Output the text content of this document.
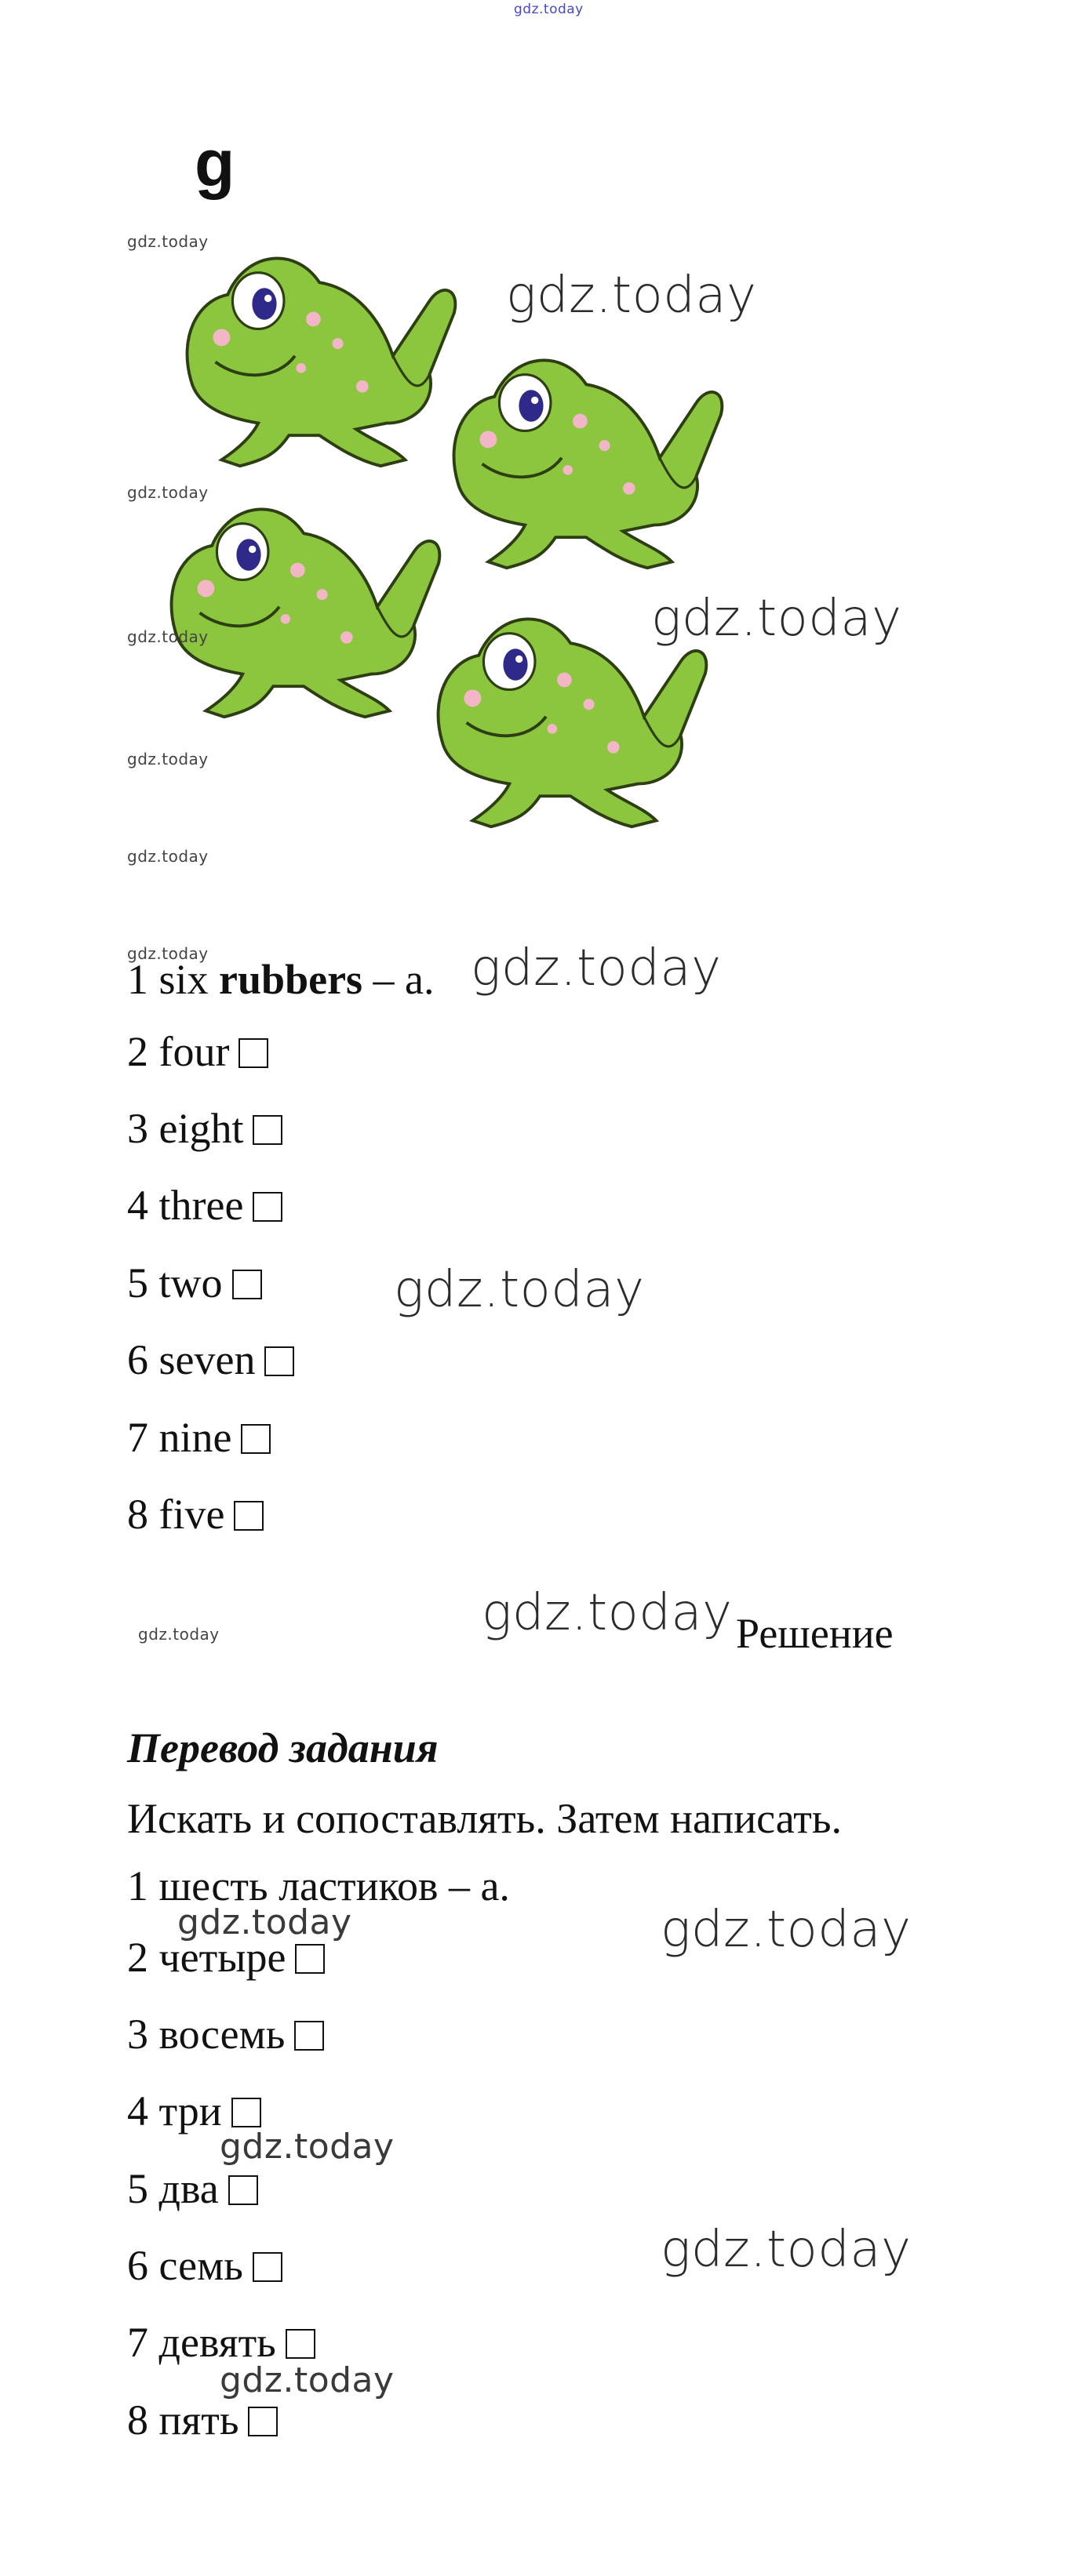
gdz.today
g
gdz.today
gdz.today
gdz.today
gdz.today
gdz.today
gdz.today
gdz.today
gdz.today
1 six rubbers – a. gdz.today
2 four
3 eight
4 three
5 two	gdz.today
6 seven
7 nine
8 five
gdz.today	gdz.today Решение
Перевод задания
Искать и сопоставлять. Затем написать.
1 шесть ластиков – а.
gdz.today
gdz.today
2 четыре
3 восемь
4 три
gdz.today
5 два
gdz.today
6 семь
7 девять
gdz.today
8 пять
